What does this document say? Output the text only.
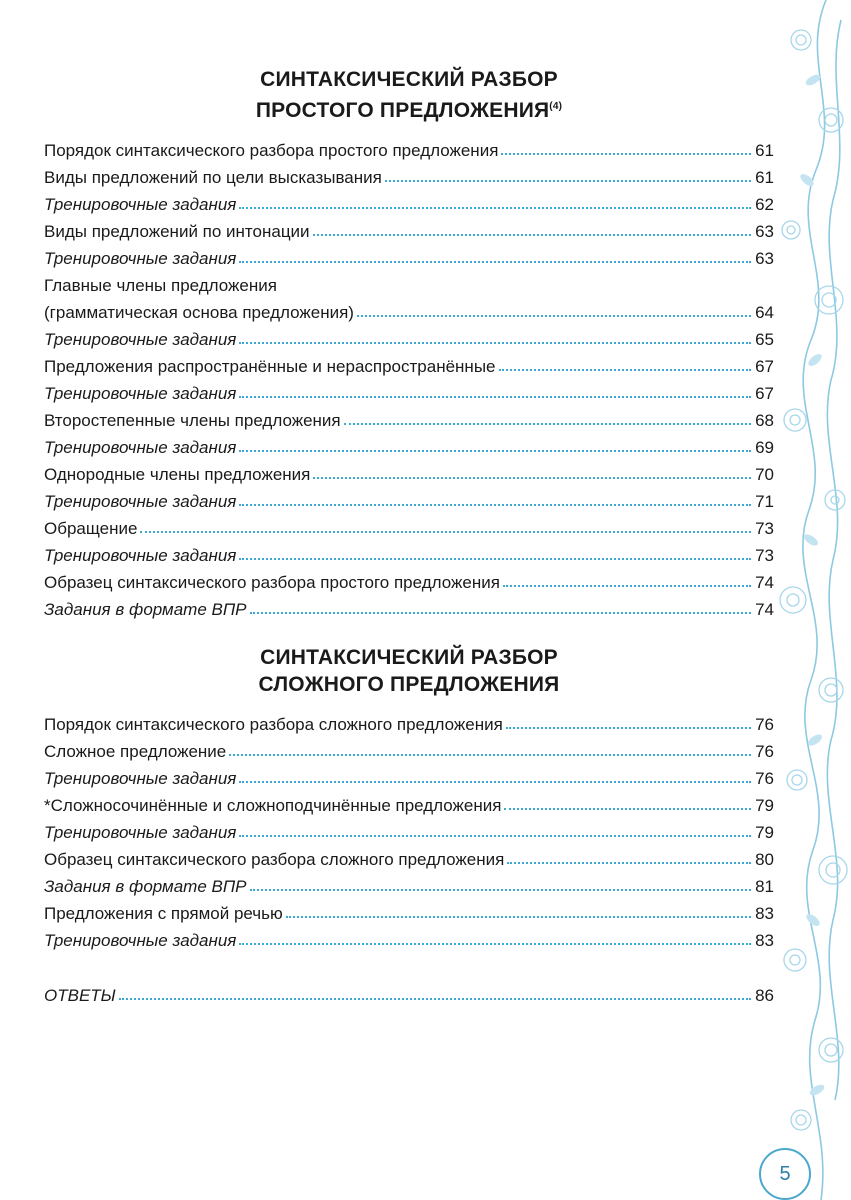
СИНТАКСИЧЕСКИЙ РАЗБОР
ПРОСТОГО ПРЕДЛОЖЕНИЯ$^{(4)}$
Порядок синтаксического разбора простого предложения	61
Виды предложений по цели высказывания	61
Тренировочные задания	62
Виды предложений по интонации	63
Тренировочные задания	63
Главные члены предложения
(грамматическая основа предложения)	64
Тренировочные задания	65
Предложения распространённые и нераспространённые	67
Тренировочные задания	67
Второстепенные члены предложения	68
Тренировочные задания	69
Однородные члены предложения	70
Тренировочные задания	71
Обращение	73
Тренировочные задания	73
Образец синтаксического разбора простого предложения	74
Задания в формате ВПР	74
СИНТАКСИЧЕСКИЙ РАЗБОР
СЛОЖНОГО ПРЕДЛОЖЕНИЯ
Порядок синтаксического разбора сложного предложения	76
Сложное предложение	76
Тренировочные задания	76
*Сложносочинённые и сложноподчинённые предложения	79
Тренировочные задания	79
Образец синтаксического разбора сложного предложения	80
Задания в формате ВПР	81
Предложения с прямой речью	83
Тренировочные задания	83
ОТВЕТЫ	86
5
